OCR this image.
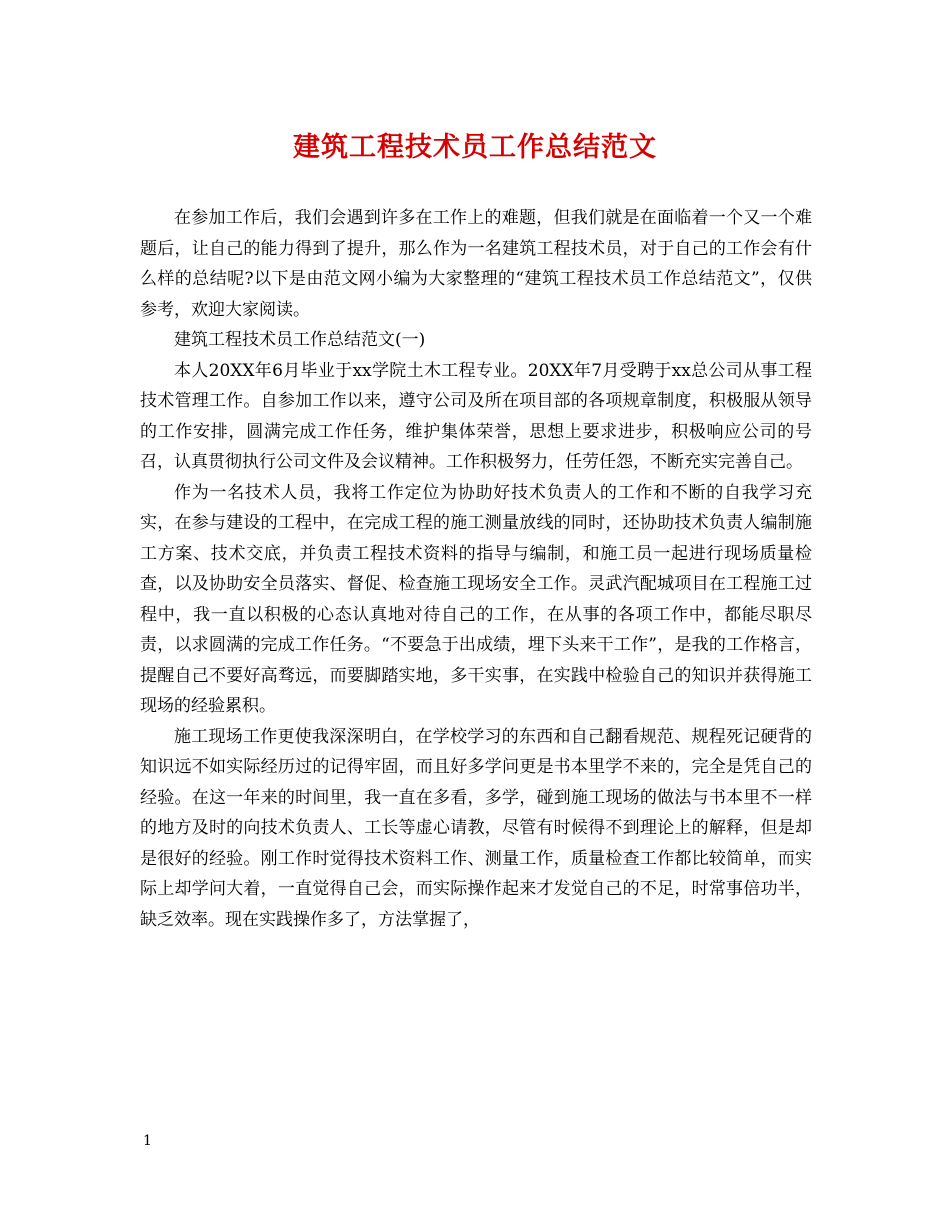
建筑工程技术员工作总结范文

在参加工作后，我们会遇到许多在工作上的难题，但我们就是在面临着一个又一个难题后，让自己的能力得到了提升，那么作为一名建筑工程技术员，对于自己的工作会有什么样的总结呢?以下是由范文网小编为大家整理的“建筑工程技术员工作总结范文”，仅供参考，欢迎大家阅读。

建筑工程技术员工作总结范文(一)

本人20XX年6月毕业于xx学院土木工程专业。20XX年7月受聘于xx总公司从事工程技术管理工作。自参加工作以来，遵守公司及所在项目部的各项规章制度，积极服从领导的工作安排，圆满完成工作任务，维护集体荣誉，思想上要求进步，积极响应公司的号召，认真贯彻执行公司文件及会议精神。工作积极努力，任劳任怨，不断充实完善自己。

作为一名技术人员，我将工作定位为协助好技术负责人的工作和不断的自我学习充实，在参与建设的工程中，在完成工程的施工测量放线的同时，还协助技术负责人编制施工方案、技术交底，并负责工程技术资料的指导与编制，和施工员一起进行现场质量检查，以及协助安全员落实、督促、检查施工现场安全工作。灵武汽配城项目在工程施工过程中，我一直以积极的心态认真地对待自己的工作，在从事的各项工作中，都能尽职尽责，以求圆满的完成工作任务。“不要急于出成绩，埋下头来干工作”，是我的工作格言，提醒自己不要好高骛远，而要脚踏实地，多干实事，在实践中检验自己的知识并获得施工现场的经验累积。

施工现场工作更使我深深明白，在学校学习的东西和自己翻看规范、规程死记硬背的知识远不如实际经历过的记得牢固，而且好多学问更是书本里学不来的，完全是凭自己的经验。在这一年来的时间里，我一直在多看，多学，碰到施工现场的做法与书本里不一样的地方及时的向技术负责人、工长等虚心请教，尽管有时候得不到理论上的解释，但是却是很好的经验。刚工作时觉得技术资料工作、测量工作，质量检查工作都比较简单，而实际上却学问大着，一直觉得自己会，而实际操作起来才发觉自己的不足，时常事倍功半，缺乏效率。现在实践操作多了，方法掌握了，

1
